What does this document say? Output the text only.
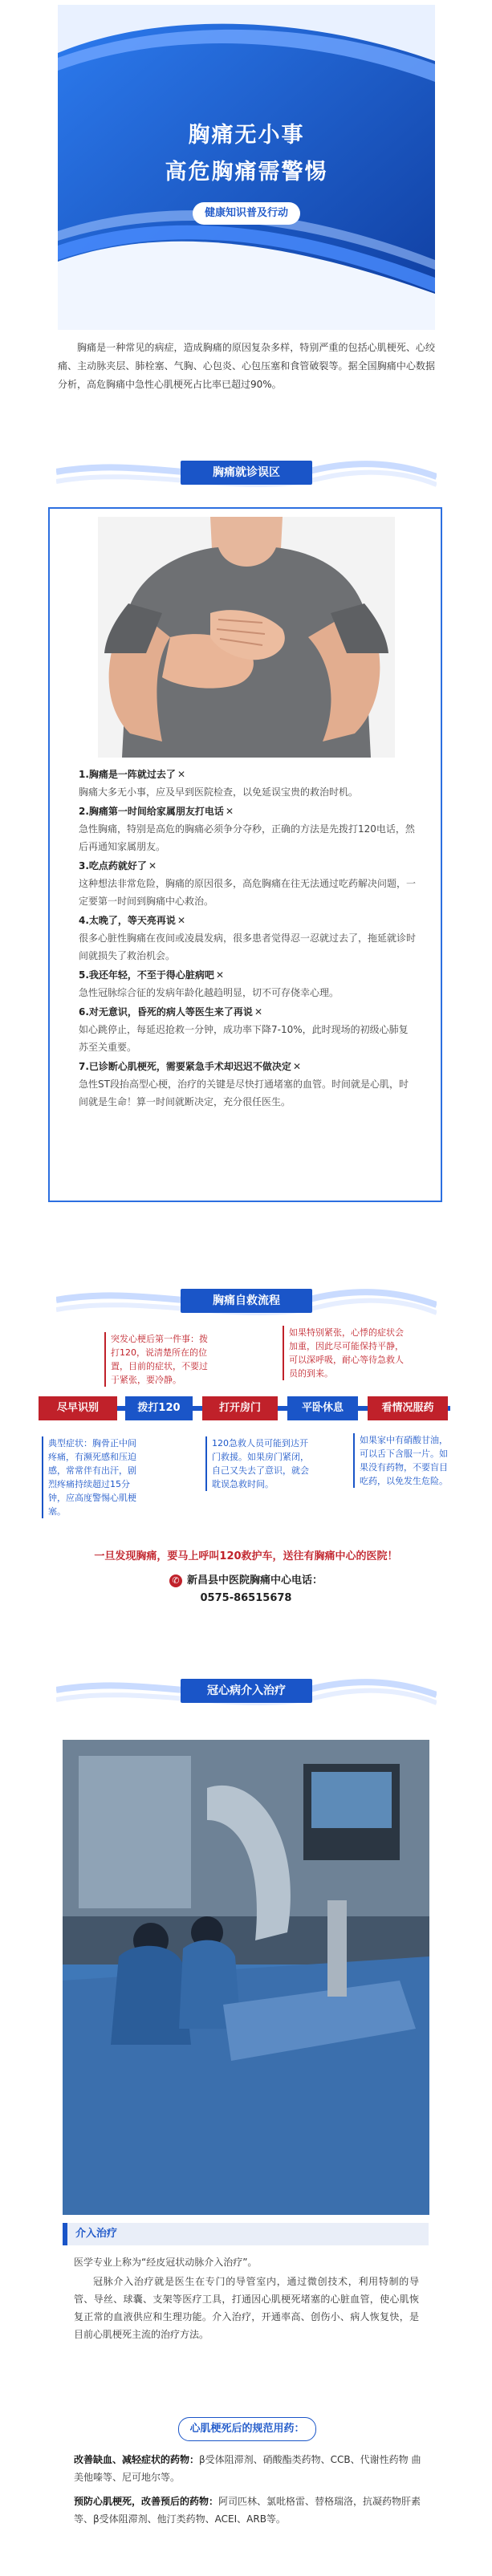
胸痛无小事
高危胸痛需警惕
健康知识普及行动
胸痛是一种常见的病症，造成胸痛的原因复杂多样，特别严重的包括心肌梗死、心绞痛、主动脉夹层、肺栓塞、气胸、心包炎、心包压塞和食管破裂等。据全国胸痛中心数据分析，高危胸痛中急性心肌梗死占比率已超过90%。
胸痛就诊误区
1.胸痛是一阵就过去了 ✕
胸痛大多无小事，应及早到医院检查，以免延误宝贵的救治时机。
2.胸痛第一时间给家属朋友打电话 ✕
急性胸痛，特别是高危的胸痛必须争分夺秒，正确的方法是先拨打120电话，然后再通知家属朋友。
3.吃点药就好了 ✕
这种想法非常危险，胸痛的原因很多，高危胸痛在往无法通过吃药解决问题，一定要第一时间到胸痛中心救治。
4.太晚了，等天亮再说 ✕
很多心脏性胸痛在夜间或凌晨发病，很多患者觉得忍一忍就过去了，拖延就诊时间就损失了救治机会。
5.我还年轻，不至于得心脏病吧 ✕
急性冠脉综合征的发病年龄化越趋明显，切不可存侥幸心理。
6.对无意识，昏死的病人等医生来了再说 ✕
如心跳停止，每延迟抢救一分钟，成功率下降7-10%，此时现场的初级心肺复苏至关重要。
7.已诊断心肌梗死，需要紧急手术却迟迟不做决定 ✕
急性ST段抬高型心梗，治疗的关键是尽快打通堵塞的血管。时间就是心肌，时间就是生命！算一时间就断决定，充分很任医生。
胸痛自救流程
突发心梗后第一件事：拨打120，说清楚所在的位置，目前的症状，不要过于紧张，要冷静。
如果特别紧张，心悸的症状会加重，因此尽可能保持平静，可以深呼吸，耐心等待急救人员的到来。
尽早识别	拨打120	打开房门	平卧休息	看情况服药
典型症状：胸骨正中间疼痛，有濒死感和压迫感，常常伴有出汗，剧烈疼痛持续超过15分钟，应高度警惕心肌梗塞。
120急救人员可能到达开门救援。如果房门紧闭，自己又失去了意识，就会耽误急救时间。
如果家中有硝酸甘油，可以舌下含服一片。如果没有药物，不要盲目吃药，以免发生危险。
一旦发现胸痛，要马上呼叫120救护车，送往有胸痛中心的医院！
✆ 新昌县中医院胸痛中心电话：
0575-86515678
冠心病介入治疗
介入治疗
医学专业上称为“经皮冠状动脉介入治疗”。
冠脉介入治疗就是医生在专门的导管室内，通过微创技术，利用特制的导管、导丝、球囊、支架等医疗工具，打通因心肌梗死堵塞的心脏血管，使心肌恢复正常的血液供应和生理功能。介入治疗，开通率高、创伤小、病人恢复快，是目前心肌梗死主流的治疗方法。
心肌梗死后的规范用药：
改善缺血、减轻症状的药物：β受体阻滞剂、硝酸酯类药物、CCB、代谢性药物 曲美他嗪等、尼可地尔等。
预防心肌梗死，改善预后的药物：阿司匹林、氯吡格雷、替格瑞洛，抗凝药物肝素等、β受体阻滞剂、他汀类药物、ACEI、ARB等。
